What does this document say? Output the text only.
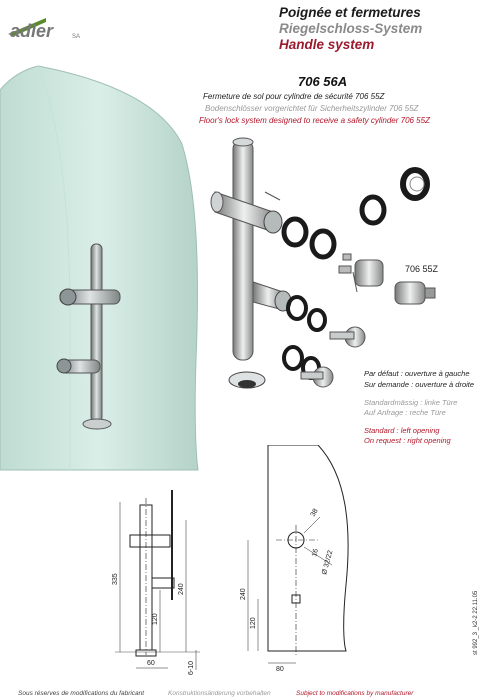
adler	SA
Poignée et fermetures
Riegelschloss-System
Handle system
706 56A
Fermeture de sol pour cylindre de sécurité 706 55Z
Bodenschlösser vorgerichtet für Sicherheitszylinder 706 55Z
Floor's lock system designed to receive a safety cylinder 706 55Z
706 55Z
Par défaut : ouverture à gauche
Sur demande : ouverture à droite
Standardmässig : linke Türe
Auf Anfrage : reche Türe
Standard : left opening
On request : right opening
335
240
120
60	6-10
38
16 Ø 32/22
240
120
80
st 992_3 _k2-2 22.11.05
Sous réserves de modifications du fabricant	Konstruktionsänderung vorbehalten	Subject to modifications by manufacturer
